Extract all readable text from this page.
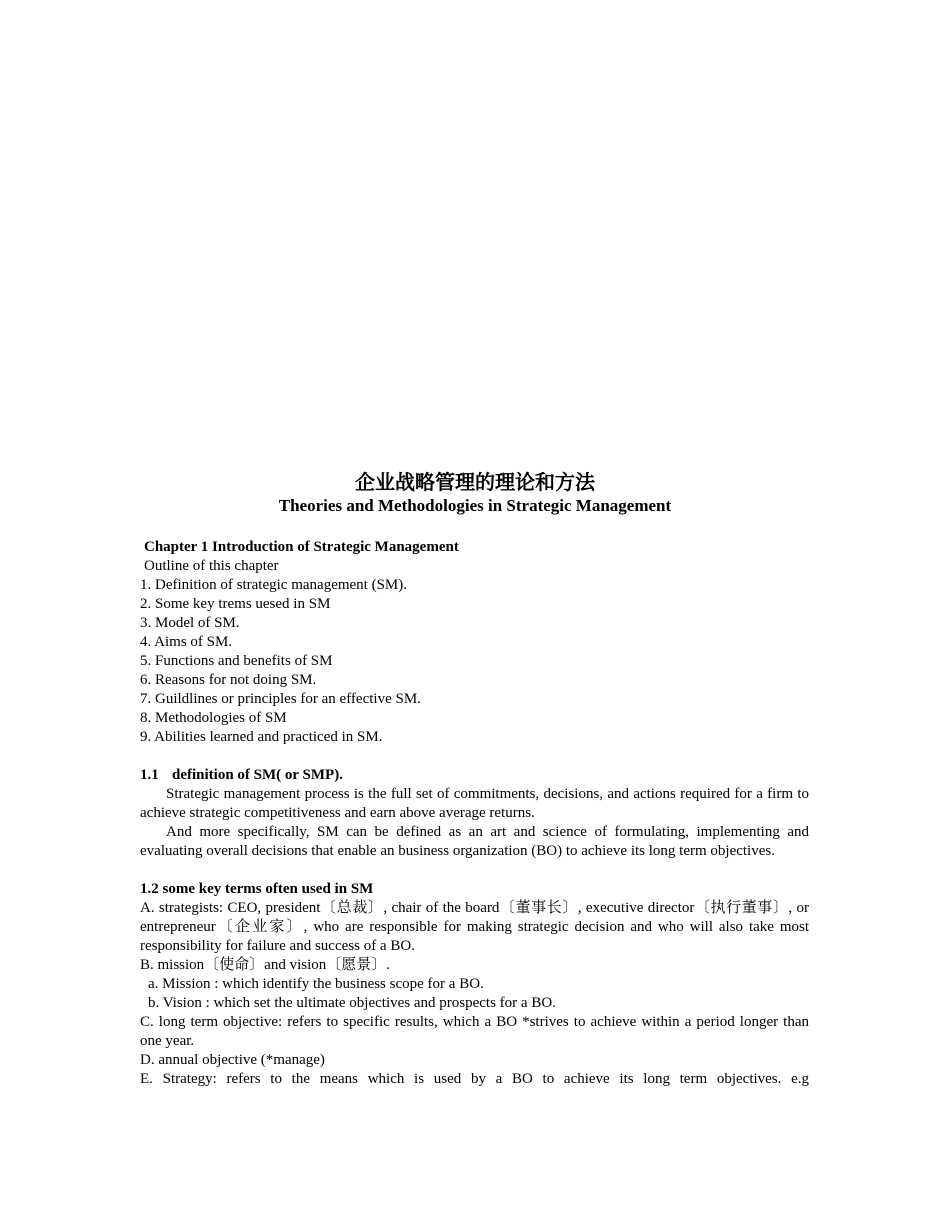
企业战略管理的理论和方法
Theories and Methodologies in Strategic Management

Chapter 1 Introduction of Strategic Management

Outline of this chapter

1. Definition of strategic management (SM).

2. Some key trems uesed in SM

3. Model of SM.

4. Aims of SM.

5. Functions and benefits of SM

6. Reasons for not doing SM.

7. Guildlines or principles for an effective SM.

8. Methodologies of SM

9. Abilities learned and practiced in SM.

1.1 definition of SM( or SMP).

Strategic management process is the full set of commitments, decisions, and actions required for a firm to achieve strategic competitiveness and earn above average returns.

And more specifically, SM can be defined as an art and science of formulating, implementing and evaluating overall decisions that enable an business organization (BO) to achieve its long term objectives.

1.2 some key terms often used in SM

A. strategists: CEO, president〔总裁〕, chair of the board〔董事长〕, executive director〔执行董事〕, or entrepreneur〔企业家〕, who are responsible for making strategic decision and who will also take most responsibility for failure and success of a BO.

B. mission〔使命〕and vision〔愿景〕.

a. Mission : which identify the business scope for a BO.

b. Vision : which set the ultimate objectives and prospects for a BO.

C. long term objective: refers to specific results, which a BO *strives to achieve within a period longer than one year.

D. annual objective (*manage)

E. Strategy: refers to the means which is used by a BO to achieve its long term objectives. e.g
